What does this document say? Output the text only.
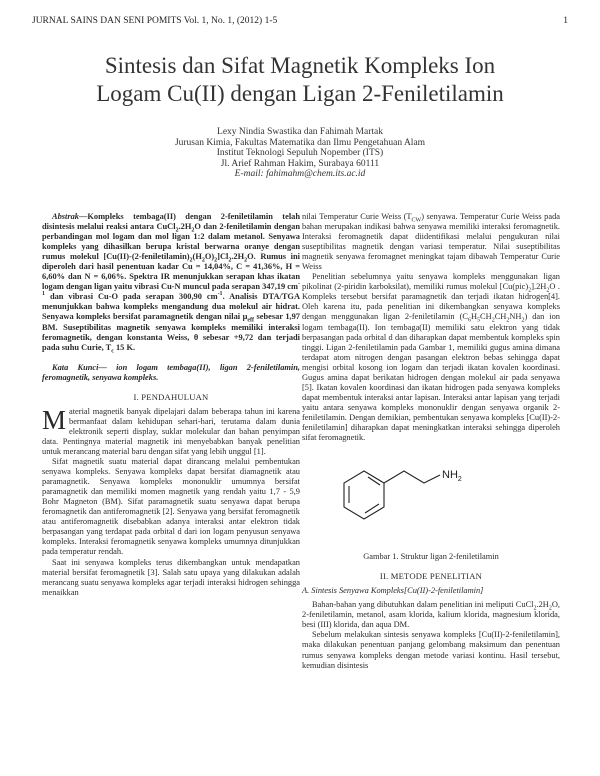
JURNAL SAINS DAN SENI POMITS Vol. 1, No. 1, (2012) 1-5	1
Sintesis dan Sifat Magnetik Kompleks Ion
Logam Cu(II) dengan Ligan 2-Feniletilamin
Lexy Nindia Swastika dan Fahimah Martak
Jurusan Kimia, Fakultas Matematika dan Ilmu Pengetahuan Alam
Institut Teknologi Sepuluh Nopember (ITS)
Jl. Arief Rahman Hakim, Surabaya 60111
E-mail: fahimahm@chem.its.ac.id

Abstrak—Kompleks tembaga(II) dengan 2-feniletilamin telah disintesis melalui reaksi antara $CuCl_2.2H_2O$ dan 2-feniletilamin dengan perbandingan mol logam dan mol ligan 1:2 dalam metanol. Senyawa kompleks yang dihasilkan berupa kristal berwarna oranye dengan rumus molekul $[Cu(II)-(2-feniletilamin)_2(H_2O)_2]Cl_2.2H_2O$. Rumus ini diperoleh dari hasil penentuan kadar Cu = 14,04%, C = 41,36%, H = 6,60% dan N = 6,06%. Spektra IR menunjukkan serapan khas ikatan logam dengan ligan yaitu vibrasi Cu-N muncul pada serapan 347,19 $cm^{-1}$ dan vibrasi Cu-O pada serapan 300,90 $cm^{-1}$. Analisis DTA/TGA menunjukkan bahwa kompleks mengandung dua molekul air hidrat. Senyawa kompleks bersifat paramagnetik dengan nilai $\mu_{eff}$ sebesar 1,97 BM. Suseptibilitas magnetik senyawa kompleks memiliki interaksi feromagnetik, dengan konstanta Weiss, θ sebesar +9,72 dan terjadi pada suhu Curie, $T_c$ 15 K.

Kata Kunci— ion logam tembaga(II), ligan 2-feniletilamin, feromagnetik, senyawa kompleks.

I. PENDAHULUAN

Material magnetik banyak dipelajari dalam beberapa tahun ini karena bermanfaat dalam kehidupan sehari-hari, terutama dalam dunia elektronik seperti display, suklar molekular dan bahan penyimpan data. Pentingnya material magnetik ini menyebabkan banyak penelitian untuk merancang material baru dengan sifat yang lebih unggul [1].

Sifat magnetik suatu material dapat dirancang melalui pembentukan senyawa kompleks. Senyawa kompleks dapat bersifat diamagnetik atau paramagnetik. Senyawa kompleks mononuklir umumnya bersifat paramagnetik dan memiliki momen magnetik yang rendah yaitu 1,7 - 5,9 Bohr Magneton (BM). Sifat paramagnetik suatu senyawa dapat berupa feromagnetik dan antiferomagnetik [2]. Senyawa yang bersifat feromagnetik atau antiferomagnetik disebabkan adanya interaksi antar elektron tidak berpasangan yang terdapat pada orbital d dari ion logam penyusun senyawa kompleks. Interaksi feromagnetik senyawa kompleks umumnya ditunjukkan pada temperatur rendah.

Saat ini senyawa kompleks terus dikembangkan untuk mendapatkan material bersifat feromagnetik [3]. Salah satu upaya yang dilakukan adalah merancang suatu senyawa kompleks agar terjadi interaksi hidrogen sehingga menaikkan

nilai Temperatur Curie Weiss $(T_{CW})$ senyawa. Temperatur Curie Weiss pada bahan merupakan indikasi bahwa senyawa memiliki interaksi feromagnetik. Interaksi feromagnetik dapat diidentifikasi melalui pengukuran nilai suseptibilitas magnetik dengan variasi temperatur. Nilai suseptibilitas magnetik senyawa feromagnet meningkat tajam dibawah Temperatur Curie Weiss

Penelitian sebelumnya yaitu senyawa kompleks menggunakan ligan pikolinat (2-piridin karboksilat), memiliki rumus molekul $[Cu(pic)_2].2H_2O$ . Kompleks tersebut bersifat paramagnetik dan terjadi ikatan hidrogen[4]. Oleh karena itu, pada penelitian ini dikembangkan senyawa kompleks dengan menggunakan ligan 2-feniletilamin $(C_6H_5CH_2CH_2NH_2)$ dan ion logam tembaga(II). Ion tembaga(II) memiliki satu elektron yang tidak berpasangan pada orbital d dan diharapkan dapat membentuk kompleks spin tinggi. Ligan 2-feniletilamin pada Gambar 1, memiliki gugus amina dimana terdapat atom nitrogen dengan pasangan elektron bebas sehingga dapat mengisi orbital kosong ion logam dan terjadi ikatan kovalen koordinasi. Gugus amina dapat berikatan hidrogen dengan molekul air pada senyawa [5]. Ikatan kovalen koordinasi dan ikatan hidrogen pada senyawa kompleks dapat membentuk interaksi antar lapisan. Interaksi antar lapisan yang terjadi yaitu antara senyawa kompleks mononuklir dengan senyawa organik 2-feniletilamin. Dengan demikian, pembentukan senyawa kompleks [Cu(II)-2-feniletilamin] diharapkan dapat meningkatkan interaksi sehingga diperoleh sifat feromagnetik.

$NH_2$
Gambar 1. Struktur ligan 2-feniletilamin
II. METODE PENELITIAN
A. Sintesis Senyawa Kompleks[Cu(II)-2-feniletilamin]

Bahan-bahan yang dibutuhkan dalam penelitian ini meliputi $CuCl_2.2H_2O$, 2-feniletilamin, metanol, asam klorida, kalium klorida, magnesium klorida, besi (III) klorida, dan aqua DM.

Sebelum melakukan sintesis senyawa kompleks [Cu(II)-2-feniletilamin], maka dilakukan penentuan panjang gelombang maksimum dan penentuan rumus senyawa kompleks dengan metode variasi kontinu. Hasil tersebut, kemudian disintesis
